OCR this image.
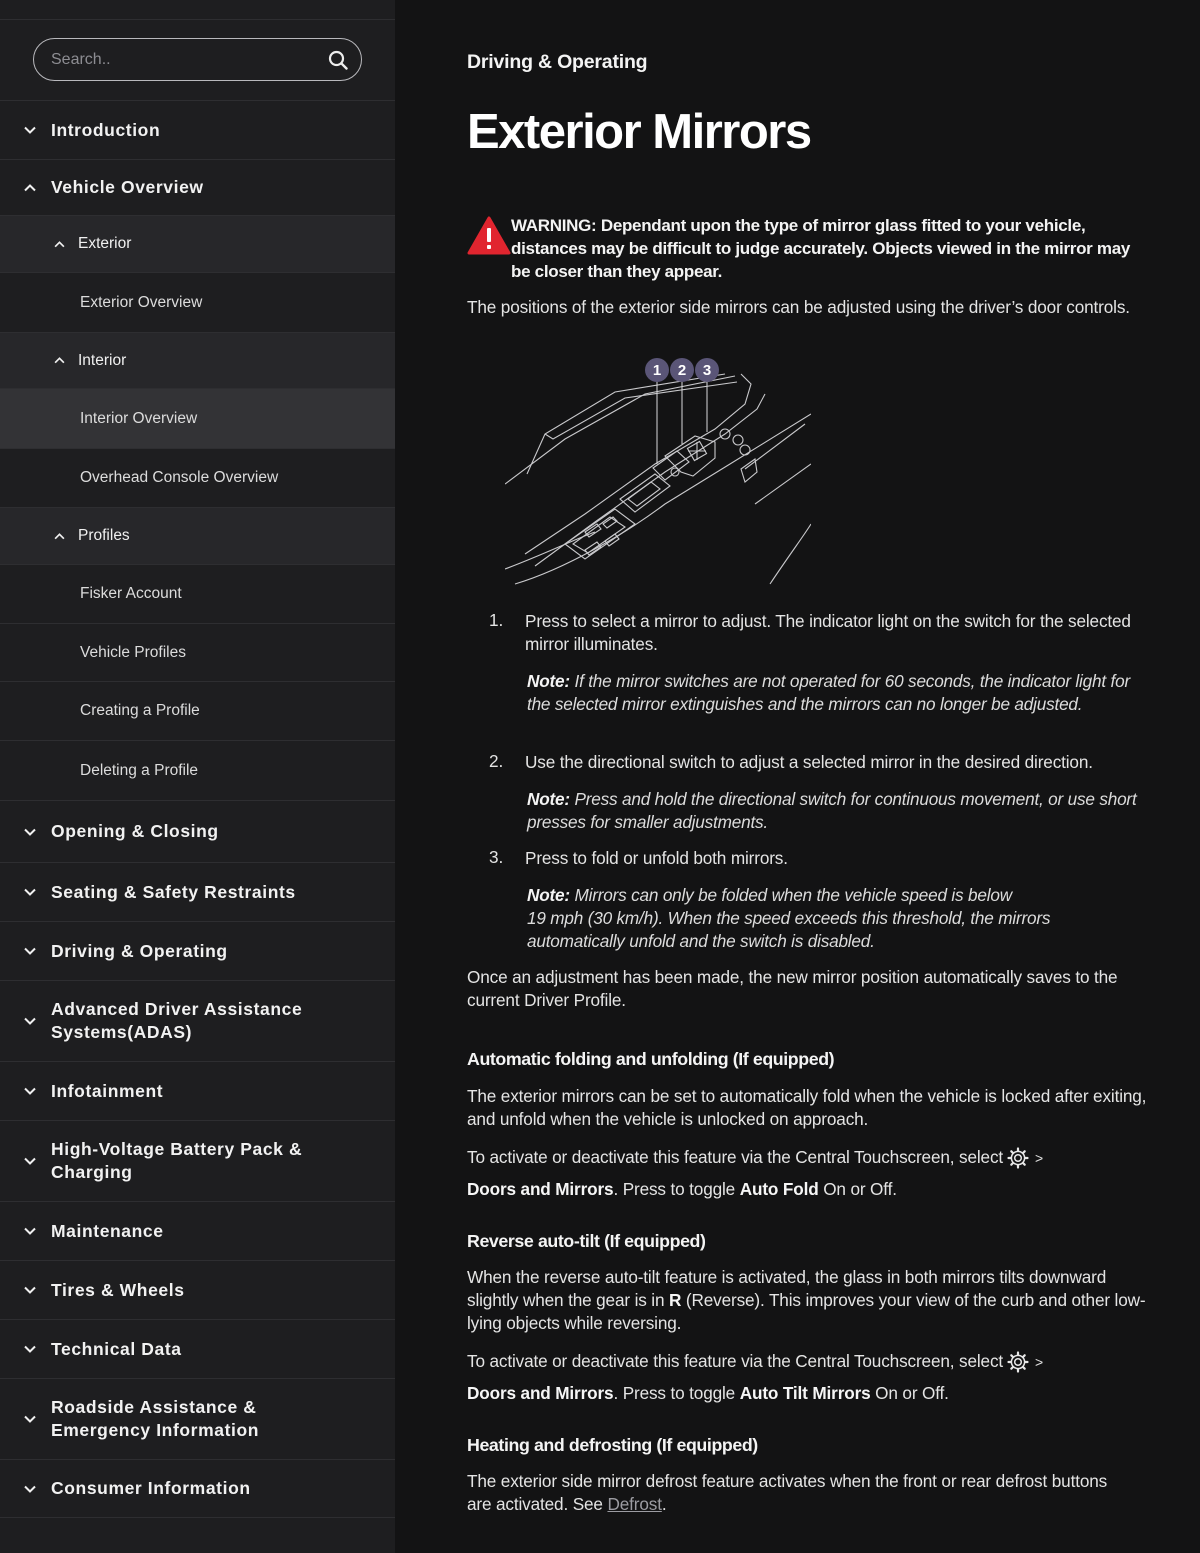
Search..
Introduction
Vehicle Overview
Exterior
Exterior Overview
Interior
Interior Overview
Overhead Console Overview
Profiles
Fisker Account
Vehicle Profiles
Creating a Profile
Deleting a Profile
Opening & Closing
Seating & Safety Restraints
Driving & Operating
Advanced Driver Assistance
Systems(ADAS)
Infotainment
High-Voltage Battery Pack &
Charging
Maintenance
Tires & Wheels
Technical Data
Roadside Assistance &
Emergency Information
Consumer Information
Driving & Operating
Exterior Mirrors
WARNING: Dependant upon the type of mirror glass fitted to your vehicle, distances may be difficult to judge accurately. Objects viewed in the mirror may be closer than they appear.
The positions of the exterior side mirrors can be adjusted using the driver’s door controls.
1	2	3
1. Press to select a mirror to adjust. The indicator light on the switch for the selected mirror illuminates.
Note: If the mirror switches are not operated for 60 seconds, the indicator light for the selected mirror extinguishes and the mirrors can no longer be adjusted.
2. Use the directional switch to adjust a selected mirror in the desired direction.
Note: Press and hold the directional switch for continuous movement, or use short presses for smaller adjustments.
3. Press to fold or unfold both mirrors.
Note: Mirrors can only be folded when the vehicle speed is below
19 mph (30 km/h). When the speed exceeds this threshold, the mirrors automatically unfold and the switch is disabled.
Once an adjustment has been made, the new mirror position automatically saves to the current Driver Profile.
Automatic folding and unfolding (If equipped)
The exterior mirrors can be set to automatically fold when the vehicle is locked after exiting, and unfold when the vehicle is unlocked on approach.
To activate or deactivate this feature via the Central Touchscreen, select >
Doors and Mirrors. Press to toggle Auto Fold On or Off.
Reverse auto-tilt (If equipped)
When the reverse auto-tilt feature is activated, the glass in both mirrors tilts downward slightly when the gear is in R (Reverse). This improves your view of the curb and other low-lying objects while reversing.
To activate or deactivate this feature via the Central Touchscreen, select >
Doors and Mirrors. Press to toggle Auto Tilt Mirrors On or Off.
Heating and defrosting (If equipped)
The exterior side mirror defrost feature activates when the front or rear defrost buttons are activated. See Defrost.
